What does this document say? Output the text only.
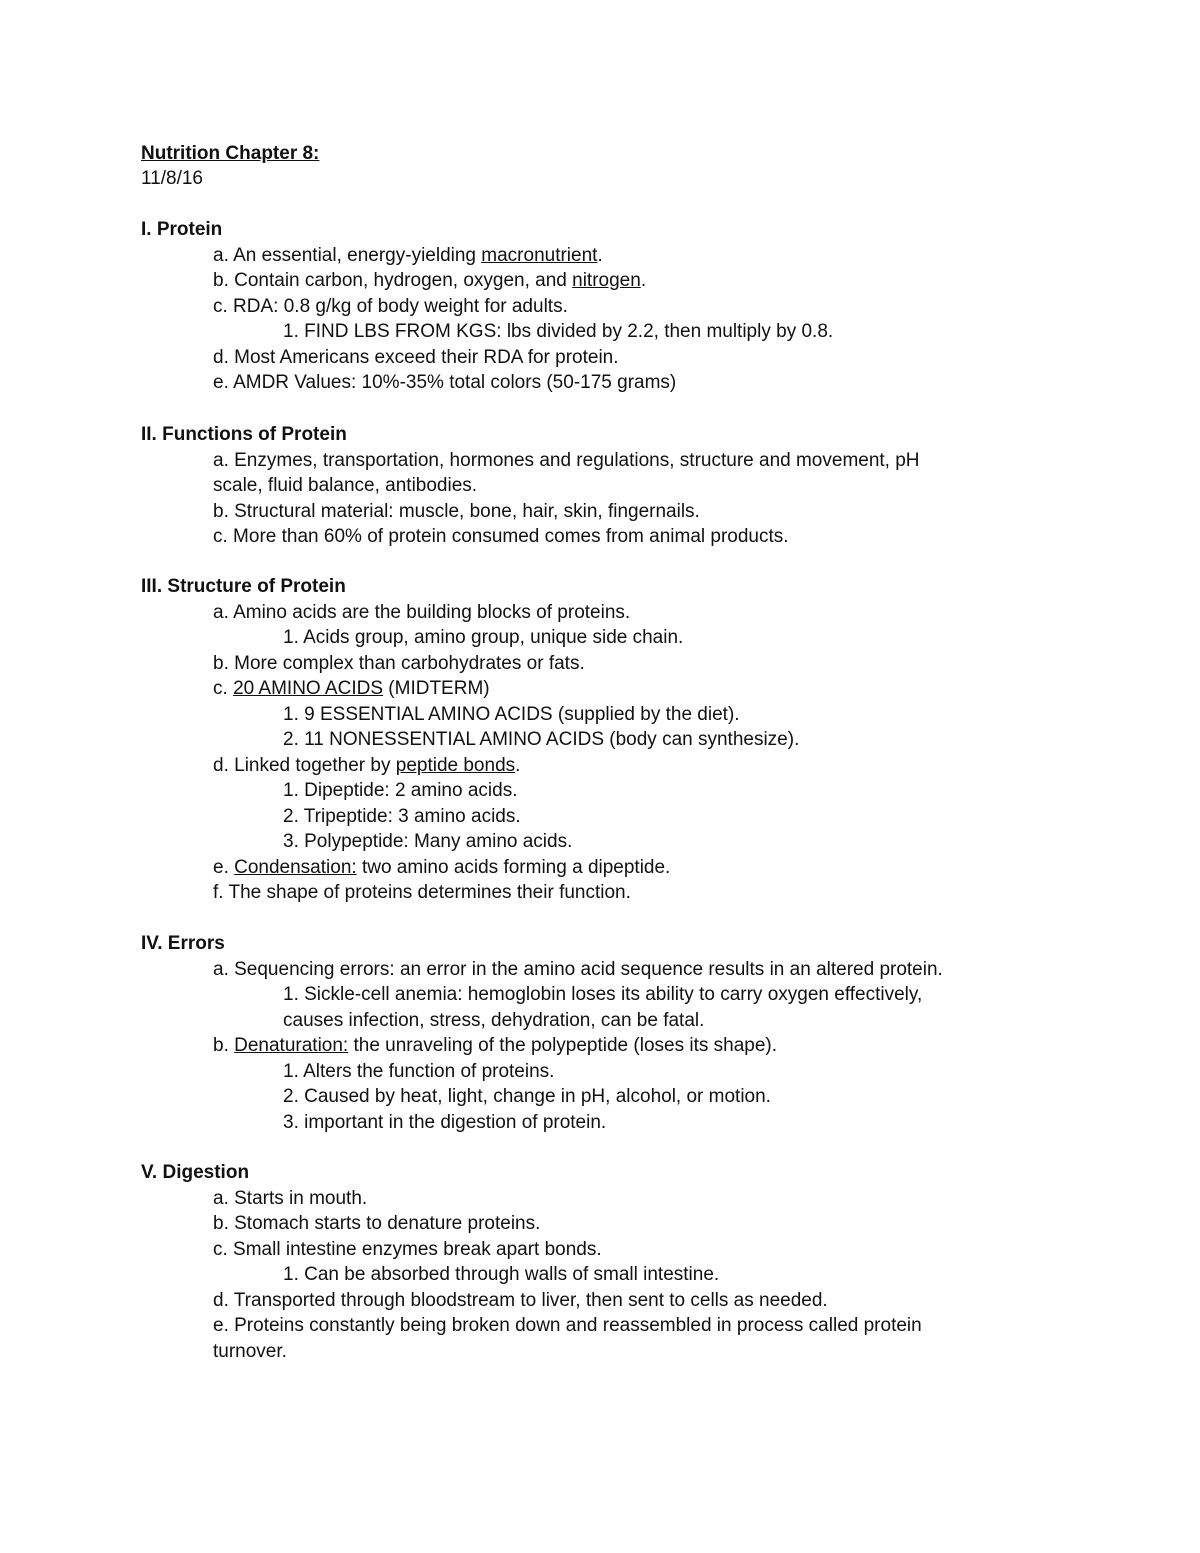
Nutrition Chapter 8:
11/8/16
I. Protein
a. An essential, energy-yielding macronutrient.
b. Contain carbon, hydrogen, oxygen, and nitrogen.
c. RDA: 0.8 g/kg of body weight for adults.
1. FIND LBS FROM KGS: lbs divided by 2.2, then multiply by 0.8.
d. Most Americans exceed their RDA for protein.
e. AMDR Values: 10%-35% total colors (50-175 grams)
II. Functions of Protein
a. Enzymes, transportation, hormones and regulations, structure and movement, pH
scale, fluid balance, antibodies.
b. Structural material: muscle, bone, hair, skin, fingernails.
c. More than 60% of protein consumed comes from animal products.
III. Structure of Protein
a. Amino acids are the building blocks of proteins.
1. Acids group, amino group, unique side chain.
b. More complex than carbohydrates or fats.
c. 20 AMINO ACIDS (MIDTERM)
1. 9 ESSENTIAL AMINO ACIDS (supplied by the diet).
2. 11 NONESSENTIAL AMINO ACIDS (body can synthesize).
d. Linked together by peptide bonds.
1. Dipeptide: 2 amino acids.
2. Tripeptide: 3 amino acids.
3. Polypeptide: Many amino acids.
e. Condensation: two amino acids forming a dipeptide.
f. The shape of proteins determines their function.
IV. Errors
a. Sequencing errors: an error in the amino acid sequence results in an altered protein.
1. Sickle-cell anemia: hemoglobin loses its ability to carry oxygen effectively,
causes infection, stress, dehydration, can be fatal.
b. Denaturation: the unraveling of the polypeptide (loses its shape).
1. Alters the function of proteins.
2. Caused by heat, light, change in pH, alcohol, or motion.
3. important in the digestion of protein.
V. Digestion
a. Starts in mouth.
b. Stomach starts to denature proteins.
c. Small intestine enzymes break apart bonds.
1. Can be absorbed through walls of small intestine.
d. Transported through bloodstream to liver, then sent to cells as needed.
e. Proteins constantly being broken down and reassembled in process called protein
turnover.
